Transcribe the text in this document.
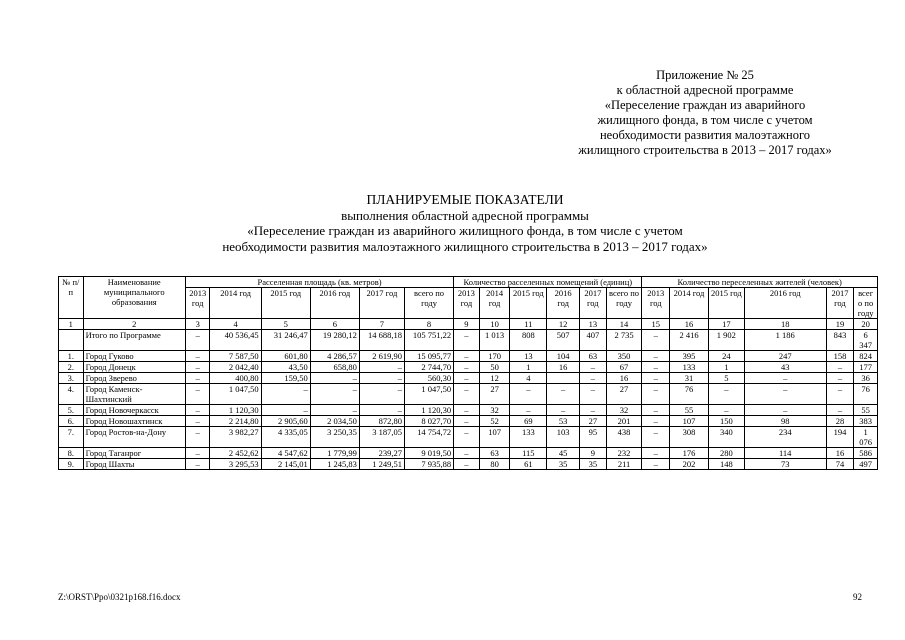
Приложение № 25
к областной адресной программе
«Переселение граждан из аварийного
жилищного фонда, в том числе с учетом
необходимости развития малоэтажного
жилищного строительства в 2013 – 2017 годах»
ПЛАНИРУЕМЫЕ ПОКАЗАТЕЛИ
выполнения областной адресной программы
«Переселение граждан из аварийного жилищного фонда, в том числе с учетом
необходимости развития малоэтажного жилищного строительства в 2013 – 2017 годах»
№ п/п	Наименование муниципального образования	Расселенная площадь (кв. метров)						Количество расселенных помещений (единиц)						Количество переселенных жителей (человек)					
		2013 год	2014 год	2015 год	2016 год	2017 год	всего по году	2013 год	2014 год	2015 год	2016 год	2017 год	всего по году	2013 год	2014 год	2015 год	2016 год	2017 год	всег о по году
1	2	3	4	5	6	7	8	9	10	11	12	13	14	15	16	17	18	19	20
	Итого по Программе	–	40 536,45	31 246,47	19 280,12	14 688,18	105 751,22	–	1 013	808	507	407	2 735	–	2 416	1 902	1 186	843	6 347
1.	Город Гуково	–	7 587,50	601,80	4 286,57	2 619,90	15 095,77	–	170	13	104	63	350	–	395	24	247	158	824
2.	Город Донецк	–	2 042,40	43,50	658,80	–	2 744,70	–	50	1	16	–	67	–	133	1	43	–	177
3.	Город Зверево	–	400,80	159,50	–	–	560,30	–	12	4		–	16	–	31	5	–	–	36
4.	Город Каменск-Шахтинский	–	1 047,50	–	–	–	1 047,50	–	27	–	–	–	27	–	76	–	–	–	76
5.	Город Новочеркасск	–	1 120,30	–	–	–	1 120,30	–	32	–	–	–	32	–	55	–	–	–	55
6.	Город Новошахтинск	–	2 214,80	2 905,60	2 034,50	872,80	8 027,70	–	52	69	53	27	201	–	107	150	98	28	383
7.	Город Ростов-на-Дону	–	3 982,27	4 335,05	3 250,35	3 187,05	14 754,72	–	107	133	103	95	438	–	308	340	234	194	1 076
8.	Город Таганрог	–	2 452,62	4 547,62	1 779,99	239,27	9 019,50	–	63	115	45	9	232	–	176	280	114	16	586
9.	Город Шахты	–	3 295,53	2 145,01	1 245,83	1 249,51	7 935,88	–	80	61	35	35	211	–	202	148	73	74	497
Z:\ORST\Ppo\0321p168.f16.docx	92
